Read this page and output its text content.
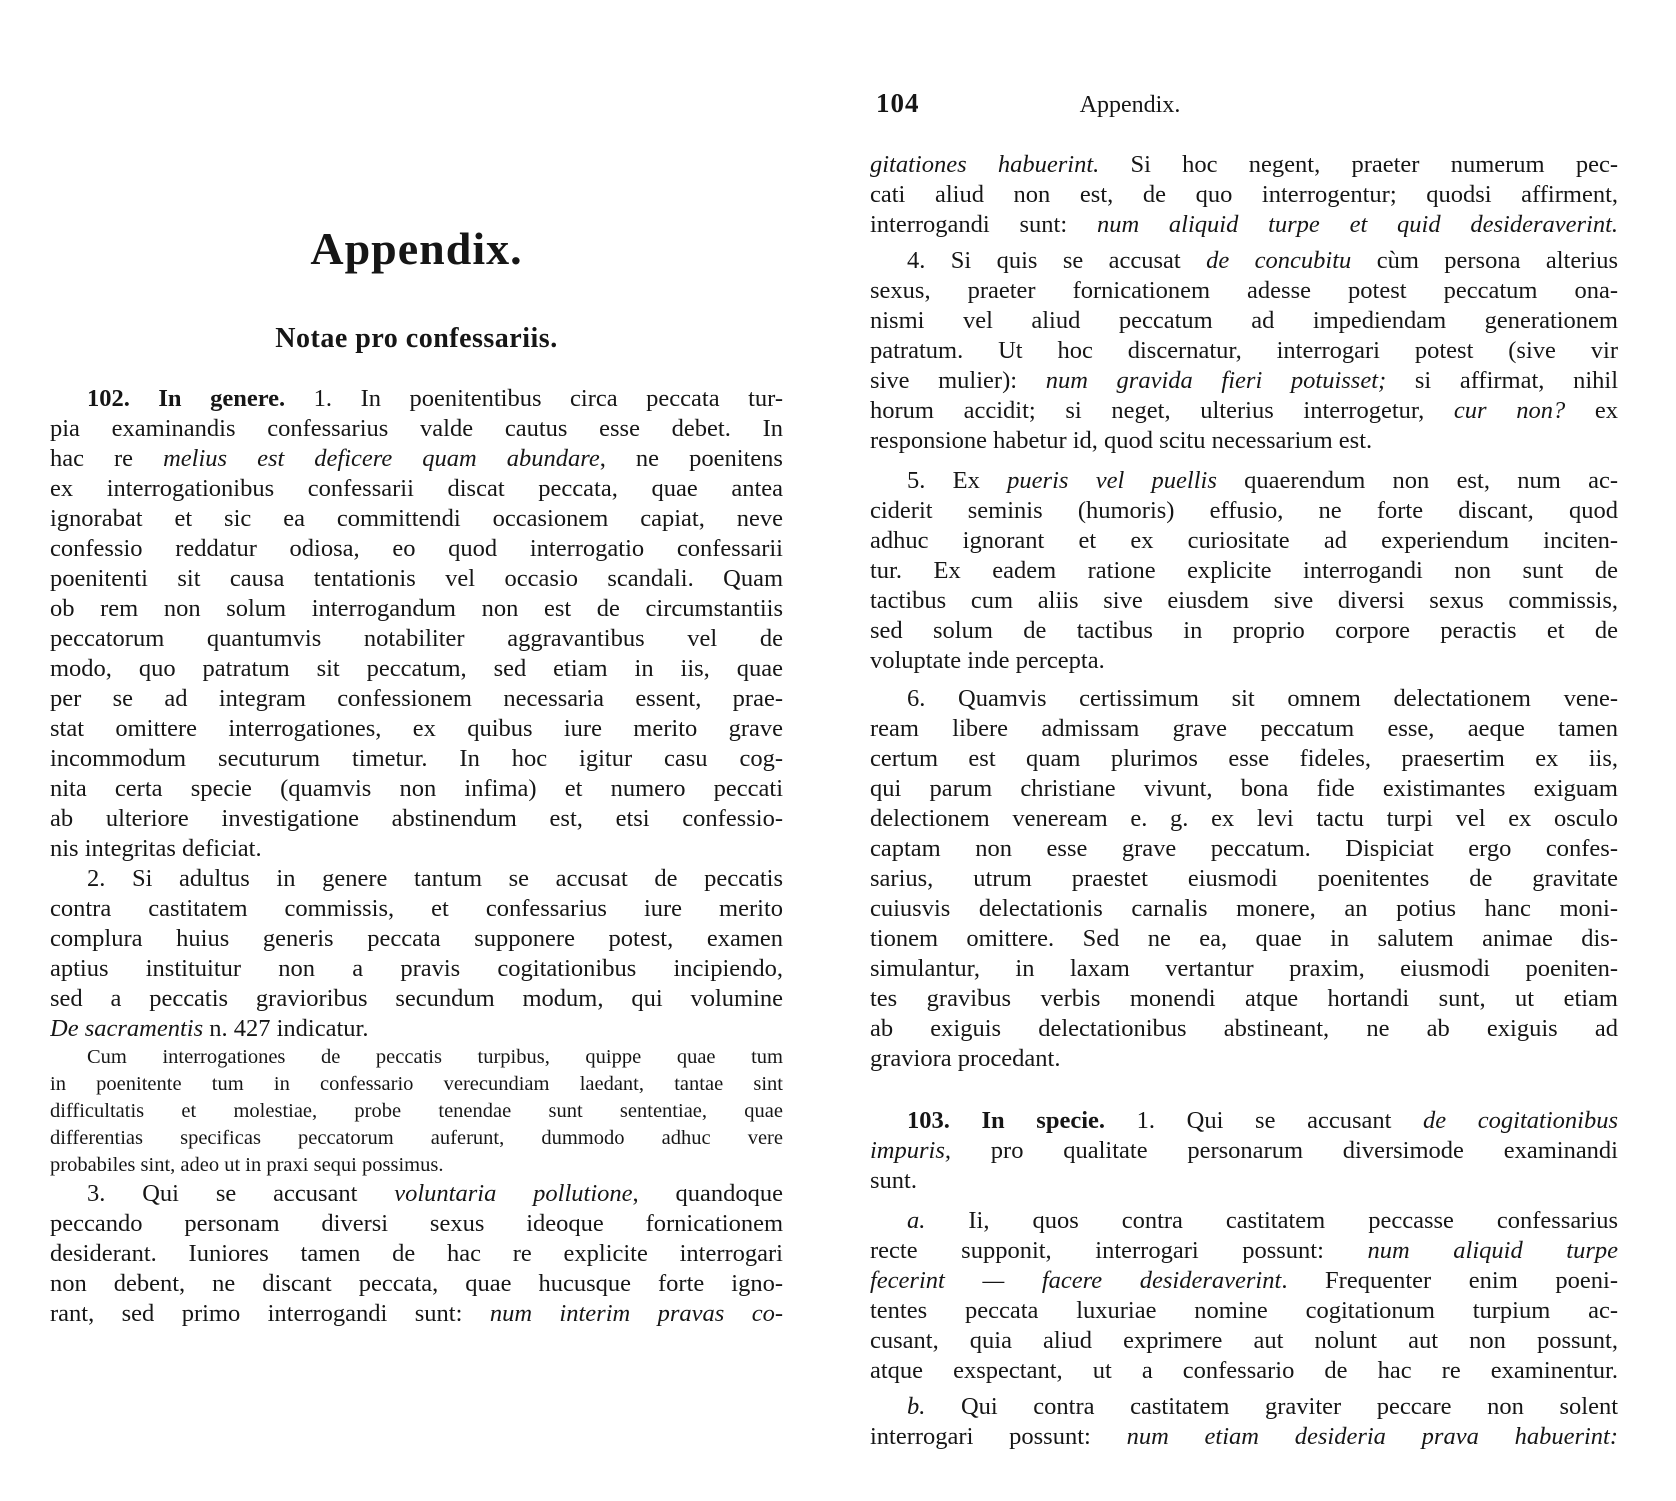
Appendix.
Notae pro confessariis.
102. In genere. 1. In poenitentibus circa peccata tur-
pia examinandis confessarius valde cautus esse debet. In
hac re melius est deficere quam abundare, ne poenitens
ex interrogationibus confessarii discat peccata, quae antea
ignorabat et sic ea committendi occasionem capiat, neve
confessio reddatur odiosa, eo quod interrogatio confessarii
poenitenti sit causa tentationis vel occasio scandali. Quam
ob rem non solum interrogandum non est de circumstantiis
peccatorum quantumvis notabiliter aggravantibus vel de
modo, quo patratum sit peccatum, sed etiam in iis, quae
per se ad integram confessionem necessaria essent, prae-
stat omittere interrogationes, ex quibus iure merito grave
incommodum secuturum timetur. In hoc igitur casu cog-
nita certa specie (quamvis non infima) et numero peccati
ab ulteriore investigatione abstinendum est, etsi confessio-
nis integritas deficiat.
2. Si adultus in genere tantum se accusat de peccatis
contra castitatem commissis, et confessarius iure merito
complura huius generis peccata supponere potest, examen
aptius instituitur non a pravis cogitationibus incipiendo,
sed a peccatis gravioribus secundum modum, qui volumine
De sacramentis n. 427 indicatur.
Cum interrogationes de peccatis turpibus, quippe quae tum
in poenitente tum in confessario verecundiam laedant, tantae sint
difficultatis et molestiae, probe tenendae sunt sententiae, quae
differentias specificas peccatorum auferunt, dummodo adhuc vere
probabiles sint, adeo ut in praxi sequi possimus.
3. Qui se accusant voluntaria pollutione, quandoque
peccando personam diversi sexus ideoque fornicationem
desiderant. Iuniores tamen de hac re explicite interrogari
non debent, ne discant peccata, quae hucusque forte igno-
rant, sed primo interrogandi sunt: num interim pravas co-
104	Appendix.
gitationes habuerint. Si hoc negent, praeter numerum pec-
cati aliud non est, de quo interrogentur; quodsi affirment,
interrogandi sunt: num aliquid turpe et quid desideraverint.
4. Si quis se accusat de concubitu cùm persona alterius
sexus, praeter fornicationem adesse potest peccatum ona-
nismi vel aliud peccatum ad impediendam generationem
patratum. Ut hoc discernatur, interrogari potest (sive vir
sive mulier): num gravida fieri potuisset; si affirmat, nihil
horum accidit; si neget, ulterius interrogetur, cur non? ex
responsione habetur id, quod scitu necessarium est.
5. Ex pueris vel puellis quaerendum non est, num ac-
ciderit seminis (humoris) effusio, ne forte discant, quod
adhuc ignorant et ex curiositate ad experiendum inciten-
tur. Ex eadem ratione explicite interrogandi non sunt de
tactibus cum aliis sive eiusdem sive diversi sexus commissis,
sed solum de tactibus in proprio corpore peractis et de
voluptate inde percepta.
6. Quamvis certissimum sit omnem delectationem vene-
ream libere admissam grave peccatum esse, aeque tamen
certum est quam plurimos esse fideles, praesertim ex iis,
qui parum christiane vivunt, bona fide existimantes exiguam
delectionem veneream e. g. ex levi tactu turpi vel ex osculo
captam non esse grave peccatum. Dispiciat ergo confes-
sarius, utrum praestet eiusmodi poenitentes de gravitate
cuiusvis delectationis carnalis monere, an potius hanc moni-
tionem omittere. Sed ne ea, quae in salutem animae dis-
simulantur, in laxam vertantur praxim, eiusmodi poeniten-
tes gravibus verbis monendi atque hortandi sunt, ut etiam
ab exiguis delectationibus abstineant, ne ab exiguis ad
graviora procedant.
103. In specie. 1. Qui se accusant de cogitationibus
impuris, pro qualitate personarum diversimode examinandi
sunt.
a. Ii, quos contra castitatem peccasse confessarius
recte supponit, interrogari possunt: num aliquid turpe
fecerint — facere desideraverint. Frequenter enim poeni-
tentes peccata luxuriae nomine cogitationum turpium ac-
cusant, quia aliud exprimere aut nolunt aut non possunt,
atque exspectant, ut a confessario de hac re examinentur.
b. Qui contra castitatem graviter peccare non solent
interrogari possunt: num etiam desideria prava habuerint:
